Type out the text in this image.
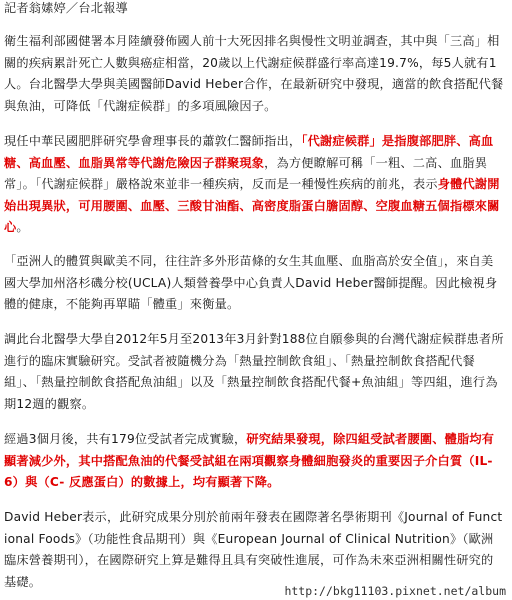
記者翁嫊婷／台北報導

衛生福利部國健署本月陸續發佈國人前十大死因排名與慢性文明並調查，其中與「三高」相關的疾病累計死亡人數與癌症相當，20歲以上代謝症候群盛行率高達19.7%，每5人就有1人。台北醫學大學與美國醫師David Heber合作，在最新研究中發現，適當的飲食搭配代餐與魚油，可降低「代謝症候群」的多項風險因子。

現任中華民國肥胖研究學會理事長的蕭敦仁醫師指出，「代謝症候群」是指腹部肥胖、高血糖、高血壓、血脂異常等代謝危險因子群聚現象，為方便瞭解可稱「一粗、二高、血脂異常」。「代謝症候群」嚴格說來並非一種疾病，反而是一種慢性疾病的前兆，表示身體代謝開始出現異狀，可用腰圍、血壓、三酸甘油酯、高密度脂蛋白膽固醇、空腹血糖五個指標來關心。

「亞洲人的體質與歐美不同，往往許多外形苗條的女生其血壓、血脂高於安全值」，來自美國大學加州洛杉磯分校(UCLA)人類營養學中心負責人David Heber醫師提醒。因此檢視身體的健康，不能夠再單瞄「體重」來衡量。

調此台北醫學大學自2012年5月至2013年3月針對188位自願參與的台灣代謝症候群患者所進行的臨床實驗研究。受試者被隨機分為「熱量控制飲食組」、「熱量控制飲食搭配代餐組」、「熱量控制飲食搭配魚油組」以及「熱量控制飲食搭配代餐+魚油組」等四組，進行為期12週的觀察。

經過3個月後，共有179位受試者完成實驗，研究結果發現，除四組受試者腰圍、體脂均有顯著減少外，其中搭配魚油的代餐受試組在兩項觀察身體細胞發炎的重要因子介白質（IL-6）與（C- 反應蛋白）的數據上，均有顯著下降。

David Heber表示，此研究成果分別於前兩年發表在國際著名學術期刊《Journal of Functional Foods》（功能性食品期刊）與《European Journal of Clinical Nutrition》（歐洲臨床營養期刊），在國際研究上算是難得且具有突破性進展，可作為未來亞洲相關性研究的基礎。

http://bkg11103.pixnet.net/album
